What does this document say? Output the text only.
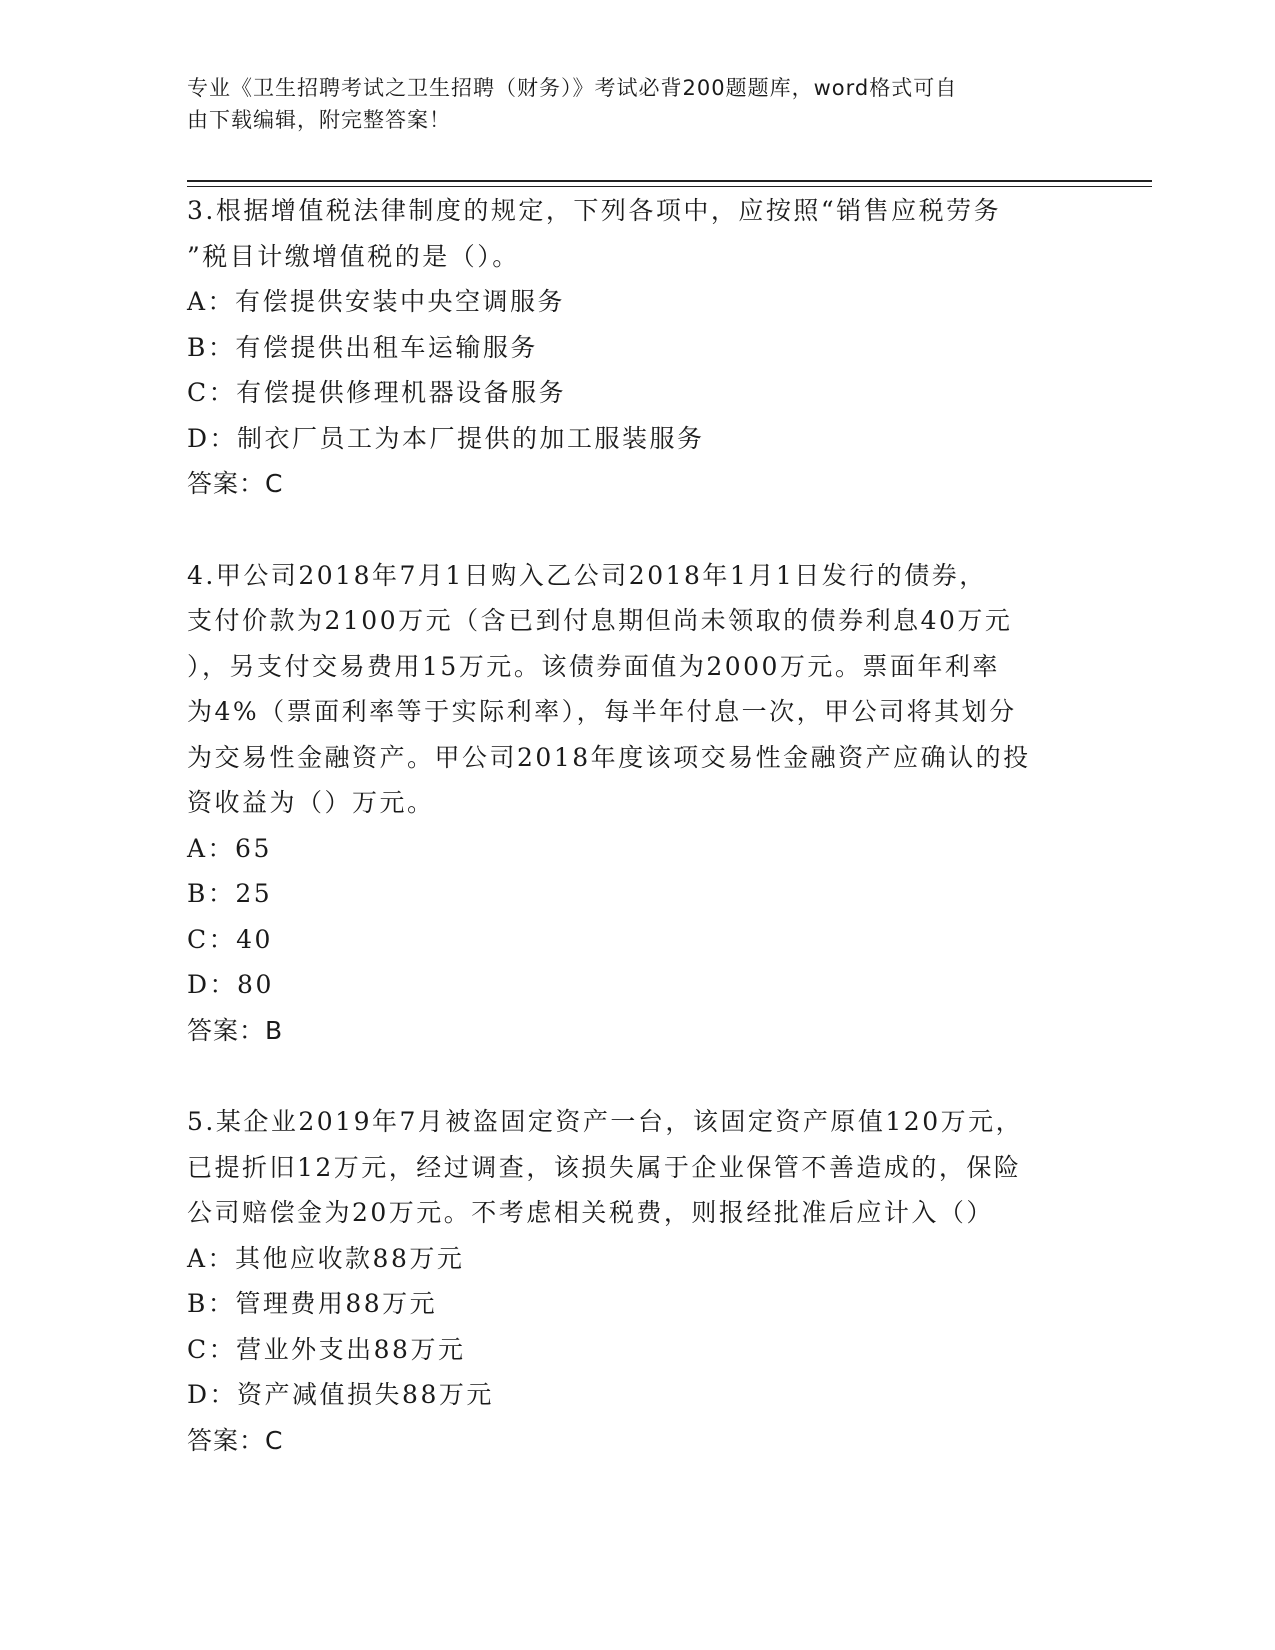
专业《卫生招聘考试之卫生招聘（财务）》考试必背200题题库，word格式可自
由下载编辑，附完整答案！

3.根据增值税法律制度的规定，下列各项中，应按照“销售应税劳务

”税目计缴增值税的是（）。

A：有偿提供安装中央空调服务

B：有偿提供出租车运输服务

C：有偿提供修理机器设备服务

D：制衣厂员工为本厂提供的加工服装服务

答案：C

4.甲公司2018年7月1日购入乙公司2018年1月1日发行的债券，

支付价款为2100万元（含已到付息期但尚未领取的债券利息40万元

），另支付交易费用15万元。该债券面值为2000万元。票面年利率

为4%（票面利率等于实际利率），每半年付息一次，甲公司将其划分

为交易性金融资产。甲公司2018年度该项交易性金融资产应确认的投

资收益为（）万元。

A：65

B：25

C：40

D：80

答案：B

5.某企业2019年7月被盗固定资产一台，该固定资产原值120万元，

已提折旧12万元，经过调查，该损失属于企业保管不善造成的，保险

公司赔偿金为20万元。不考虑相关税费，则报经批准后应计入（）

A：其他应收款88万元

B：管理费用88万元

C：营业外支出88万元

D：资产减值损失88万元

答案：C
